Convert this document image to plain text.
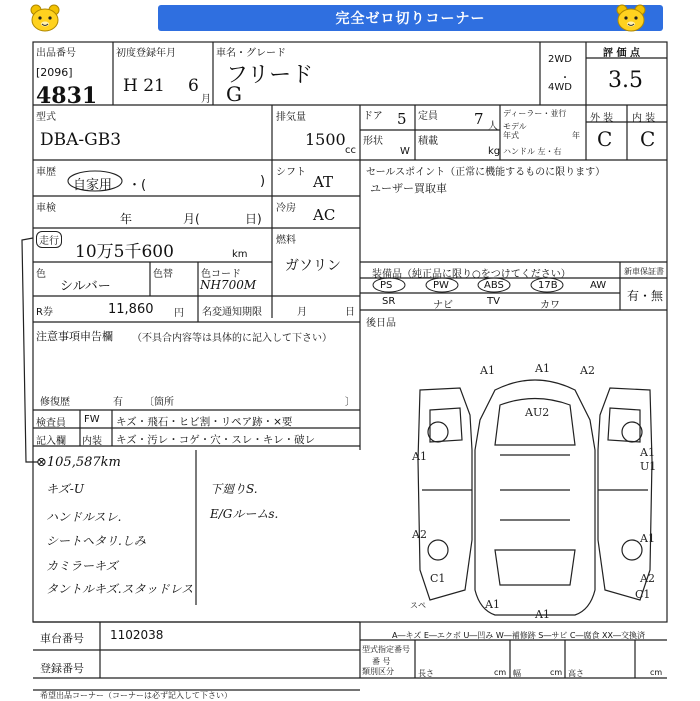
完全ゼロ切りコーナー
出品番号
[2096]
4831
初度登録年月
H 21 6
月
車名・グレード
フリード
G
2WD
・
4WD
評 価 点
3.5
外 装 内 装
C C
型式
DBA-GB3
排気量
1500
cc
ドア 5 定員 7 人
形状
W
積載
kg
ディーラー・並行
モデル年式	年
ハンドル 左・右
車歴
自家用 ・(	)
シフト
AT
セールスポイント（正常に機能するものに限ります）
ユーザー買取車
車検
年	月(	日)
冷房 AC
走行
10万5千600	km
燃料
ガソリン
色
シルバー
色替	色コード
NH700M
R券	11,860 円 名変通知期限	月	日
装備品（純正品に限り○をつけてください）
PS	PW	ABS	17B	AW
SR	ナビ	TV	カワ
新車保証書
有・無
後日品
注意事項申告欄 （不具合内容等は具体的に記入して下さい）
修復歴	有 〔箇所	〕
検査員
記入欄
FW キズ・飛石・ヒビ割・リペア跡・×要
内装 キズ・汚レ・コゲ・穴・スレ・キレ・破レ
⊗105,587km
キズ-U
ハンドルスレ.
シートヘタリ.しみ
カミラーキズ
タントルキズ.スタッドレス
下廻りS.
E/Gルームs.
A1	A1	A2
AU2
A1	A1
A2	A1
U1
C1	A2
C1
A1
A1
スペ
A―キズ E―エクボ U―凹み W―補修跡 S―サビ C―腐食 XX―交換済
車台番号 1102038
登録番号
型式指定番号
番 号
類別区分	長さ	cm 幅	cm 高さ	cm
希望出品コーナー（コーナーは必ず記入して下さい）
